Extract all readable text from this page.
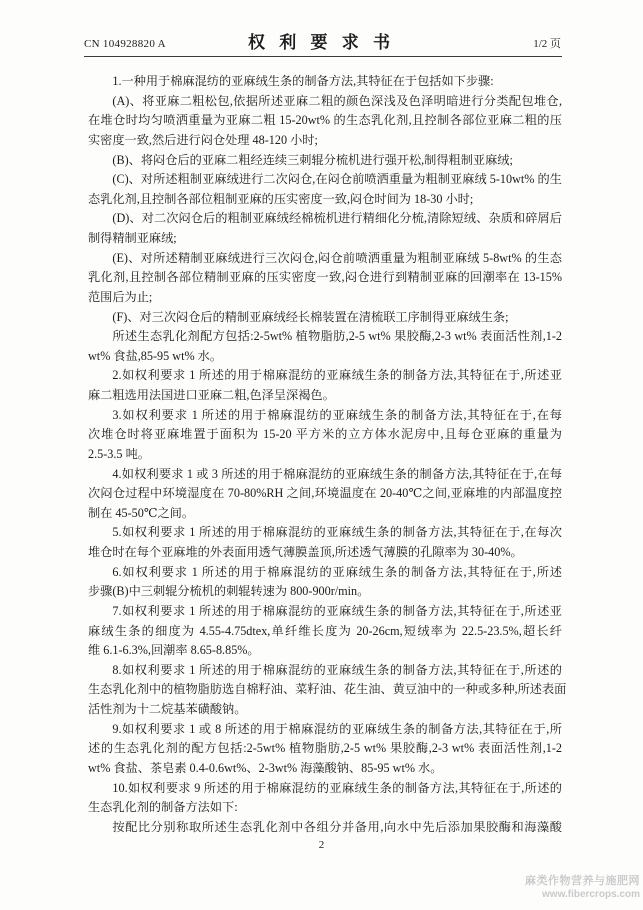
CN 104928820 A	权 利 要 求 书	1/2 页
1.一种用于棉麻混纺的亚麻绒生条的制备方法,其特征在于包括如下步骤:
(A)、将亚麻二粗松包,依据所述亚麻二粗的颜色深浅及色泽明暗进行分类配包堆仓,
在堆仓时均匀喷洒重量为亚麻二粗 15-20wt% 的生态乳化剂,且控制各部位亚麻二粗的压
实密度一致,然后进行闷仓处理 48-120 小时;
(B)、将闷仓后的亚麻二粗经连续三刺辊分梳机进行强开松,制得粗制亚麻绒;
(C)、对所述粗制亚麻绒进行二次闷仓,在闷仓前喷洒重量为粗制亚麻绒 5-10wt% 的生
态乳化剂,且控制各部位粗制亚麻的压实密度一致,闷仓时间为 18-30 小时;
(D)、对二次闷仓后的粗制亚麻绒经棉梳机进行精细化分梳,清除短绒、杂质和碎屑后
制得精制亚麻绒;
(E)、对所述精制亚麻绒进行三次闷仓,闷仓前喷洒重量为粗制亚麻绒 5-8wt% 的生态
乳化剂,且控制各部位精制亚麻的压实密度一致,闷仓进行到精制亚麻的回潮率在 13-15%
范围后为止;
(F)、对三次闷仓后的精制亚麻绒经长棉装置在清梳联工序制得亚麻绒生条;
所述生态乳化剂配方包括:2-5wt% 植物脂肪,2-5 wt% 果胶酶,2-3 wt% 表面活性剂,1-2
wt% 食盐,85-95 wt% 水。
2.如权利要求 1 所述的用于棉麻混纺的亚麻绒生条的制备方法,其特征在于,所述亚
麻二粗选用法国进口亚麻二粗,色泽呈深褐色。
3.如权利要求 1 所述的用于棉麻混纺的亚麻绒生条的制备方法,其特征在于,在每
次堆仓时将亚麻堆置于面积为 15-20 平方米的立方体水泥房中,且每仓亚麻的重量为
2.5-3.5 吨。
4.如权利要求 1 或 3 所述的用于棉麻混纺的亚麻绒生条的制备方法,其特征在于,在每
次闷仓过程中环境湿度在 70-80%RH 之间,环境温度在 20-40℃之间,亚麻堆的内部温度控
制在 45-50℃之间。
5.如权利要求 1 所述的用于棉麻混纺的亚麻绒生条的制备方法,其特征在于,在每次
堆仓时在每个亚麻堆的外表面用透气薄膜盖顶,所述透气薄膜的孔隙率为 30-40%。
6.如权利要求 1 所述的用于棉麻混纺的亚麻绒生条的制备方法,其特征在于,所述
步骤(B)中三刺辊分梳机的刺辊转速为 800-900r/min。
7.如权利要求 1 所述的用于棉麻混纺的亚麻绒生条的制备方法,其特征在于,所述亚
麻绒生条的细度为 4.55-4.75dtex,单纤维长度为 20-26cm,短绒率为 22.5-23.5%,超长纤
维 6.1-6.3%,回潮率 8.65-8.85%。
8.如权利要求 1 所述的用于棉麻混纺的亚麻绒生条的制备方法,其特征在于,所述的
生态乳化剂中的植物脂肪选自棉籽油、菜籽油、花生油、黄豆油中的一种或多种,所述表面
活性剂为十二烷基苯磺酸钠。
9.如权利要求 1 或 8 所述的用于棉麻混纺的亚麻绒生条的制备方法,其特征在于,所
述的生态乳化剂的配方包括:2-5wt% 植物脂肪,2-5 wt% 果胶酶,2-3 wt% 表面活性剂,1-2
wt% 食盐、茶皂素 0.4-0.6wt%、2-3wt% 海藻酸钠、85-95 wt% 水。
10.如权利要求 9 所述的用于棉麻混纺的亚麻绒生条的制备方法,其特征在于,所述的
生态乳化剂的制备方法如下:
按配比分别称取所述生态乳化剂中各组分并备用,向水中先后添加果胶酶和海藻酸
2
麻类作物营养与施肥网
www.fibercrops.com
